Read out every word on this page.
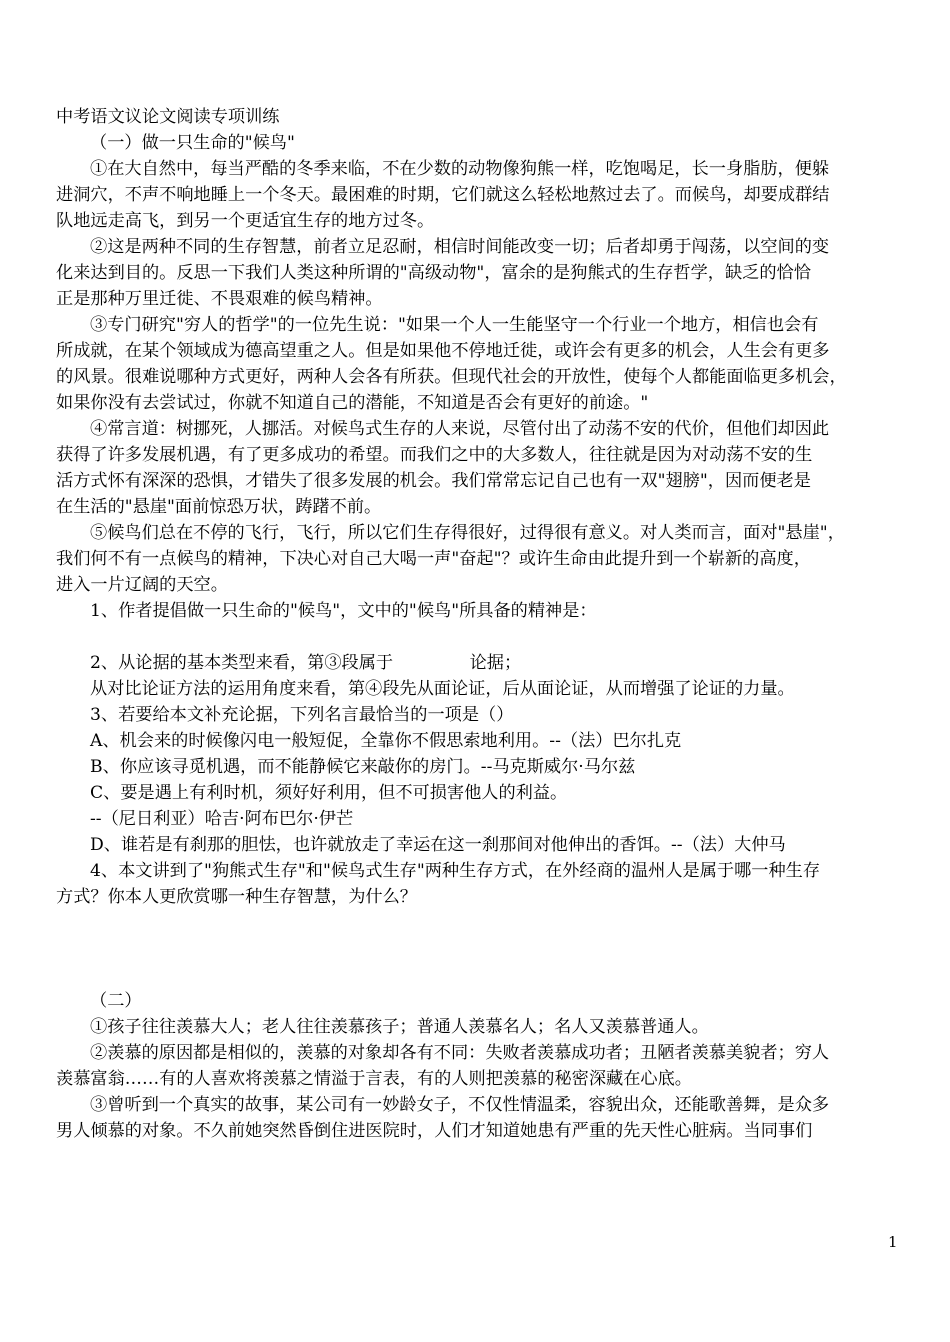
中考语文议论文阅读专项训练
（一）做一只生命的"候鸟"
①在大自然中，每当严酷的冬季来临，不在少数的动物像狗熊一样，吃饱喝足，长一身脂肪，便躲
进洞穴，不声不响地睡上一个冬天。最困难的时期，它们就这么轻松地熬过去了。而候鸟，却要成群结
队地远走高飞，到另一个更适宜生存的地方过冬。
②这是两种不同的生存智慧，前者立足忍耐，相信时间能改变一切；后者却勇于闯荡，以空间的变
化来达到目的。反思一下我们人类这种所谓的"高级动物"，富余的是狗熊式的生存哲学，缺乏的恰恰
正是那种万里迁徙、不畏艰难的候鸟精神。
③专门研究"穷人的哲学"的一位先生说："如果一个人一生能坚守一个行业一个地方，相信也会有
所成就，在某个领域成为德高望重之人。但是如果他不停地迁徙，或许会有更多的机会，人生会有更多
的风景。很难说哪种方式更好，两种人会各有所获。但现代社会的开放性，使每个人都能面临更多机会，
如果你没有去尝试过，你就不知道自己的潜能，不知道是否会有更好的前途。"
④常言道：树挪死，人挪活。对候鸟式生存的人来说，尽管付出了动荡不安的代价，但他们却因此
获得了许多发展机遇，有了更多成功的希望。而我们之中的大多数人，往往就是因为对动荡不安的生
活方式怀有深深的恐惧，才错失了很多发展的机会。我们常常忘记自己也有一双"翅膀"，因而便老是
在生活的"悬崖"面前惊恐万状，踌躇不前。
⑤候鸟们总在不停的飞行，飞行，所以它们生存得很好，过得很有意义。对人类而言，面对"悬崖"，
我们何不有一点候鸟的精神，下决心对自己大喝一声"奋起"？或许生命由此提升到一个崭新的高度，
进入一片辽阔的天空。
1、作者提倡做一只生命的"候鸟"，文中的"候鸟"所具备的精神是：
2、从论据的基本类型来看，第③段属于              论据；
从对比论证方法的运用角度来看，第④段先从面论证，后从面论证，从而增强了论证的力量。
3、若要给本文补充论据，下列名言最恰当的一项是（）
A、机会来的时候像闪电一般短促，全靠你不假思索地利用。--（法）巴尔扎克
B、你应该寻觅机遇，而不能静候它来敲你的房门。--马克斯威尔·马尔兹
C、要是遇上有利时机，须好好利用，但不可损害他人的利益。
--（尼日利亚）哈吉·阿布巴尔·伊芒
D、谁若是有刹那的胆怯，也许就放走了幸运在这一刹那间对他伸出的香饵。--（法）大仲马
4、本文讲到了"狗熊式生存"和"候鸟式生存"两种生存方式，在外经商的温州人是属于哪一种生存
方式？你本人更欣赏哪一种生存智慧，为什么？
（二）
①孩子往往羡慕大人；老人往往羡慕孩子；普通人羡慕名人；名人又羡慕普通人。
②羡慕的原因都是相似的，羡慕的对象却各有不同：失败者羡慕成功者；丑陋者羡慕美貌者；穷人
羡慕富翁……有的人喜欢将羡慕之情溢于言表，有的人则把羡慕的秘密深藏在心底。
③曾听到一个真实的故事，某公司有一妙龄女子，不仅性情温柔，容貌出众，还能歌善舞，是众多
男人倾慕的对象。不久前她突然昏倒住进医院时，人们才知道她患有严重的先天性心脏病。当同事们
1
